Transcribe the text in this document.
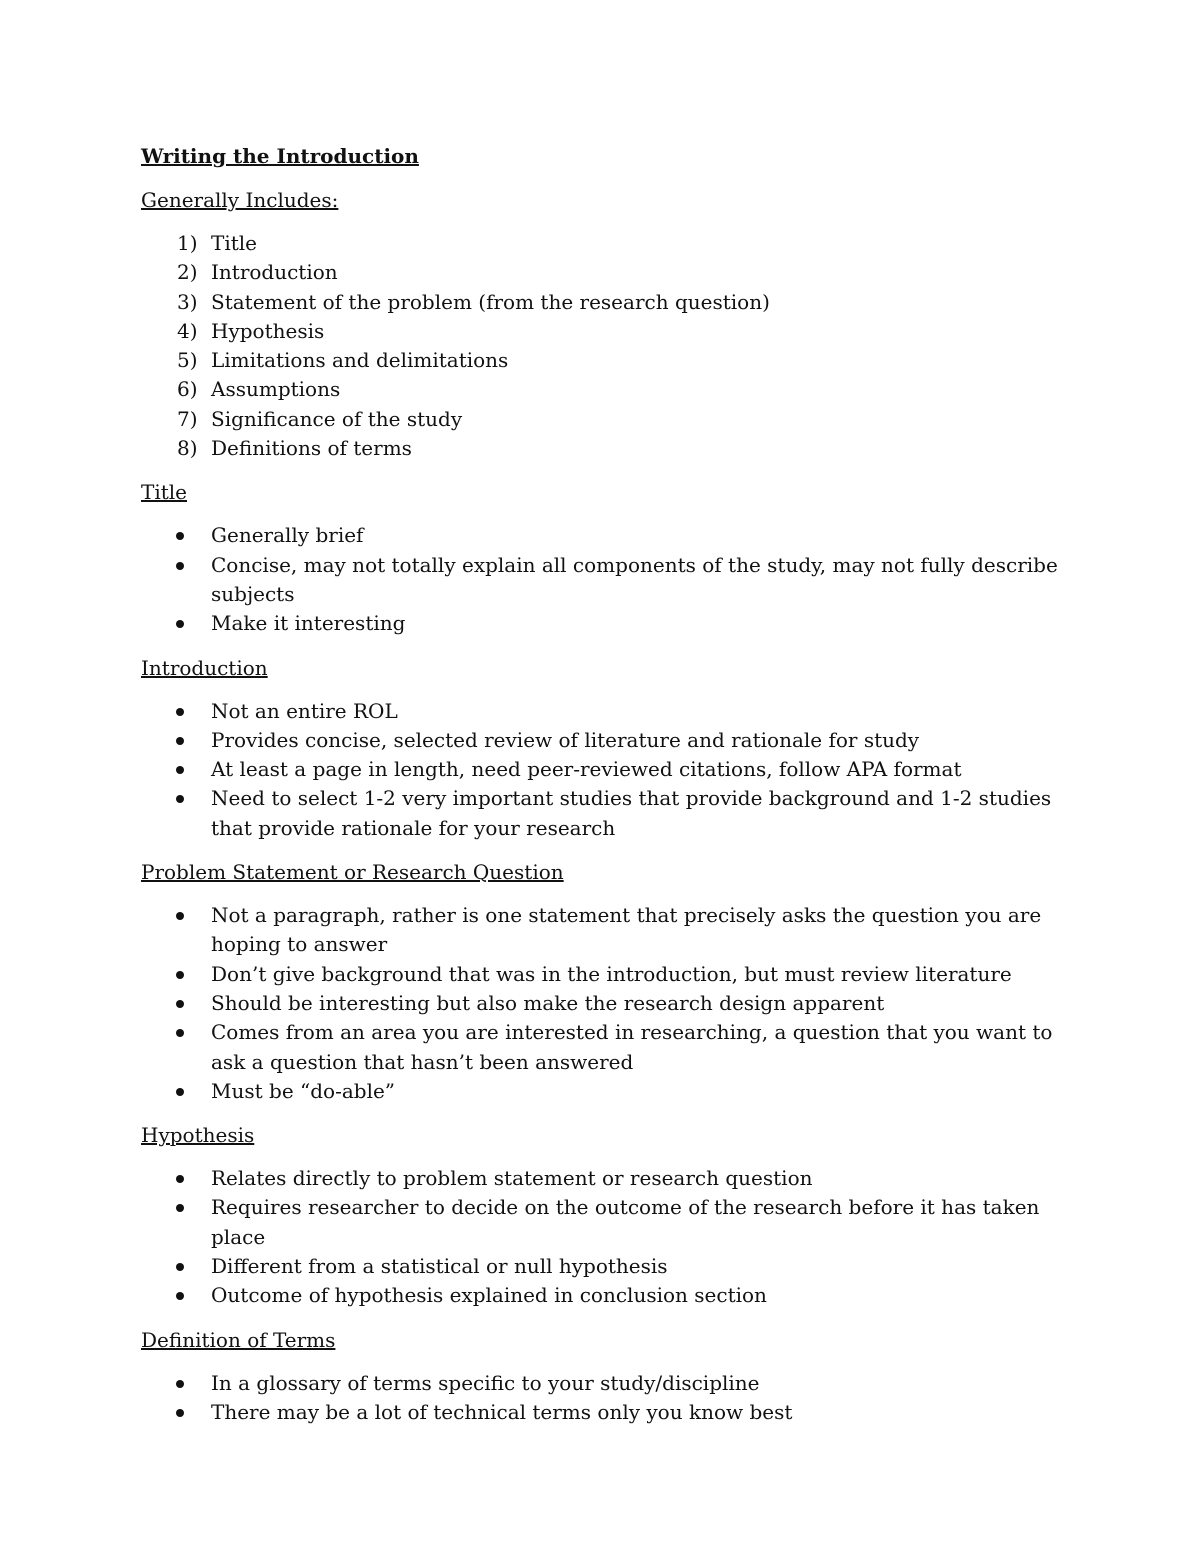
Writing the Introduction
Generally Includes:
1) Title
2) Introduction
3) Statement of the problem (from the research question)
4) Hypothesis
5) Limitations and delimitations
6) Assumptions
7) Significance of the study
8) Definitions of terms
Title
Generally brief
Concise, may not totally explain all components of the study, may not fully describe subjects
Make it interesting
Introduction
Not an entire ROL
Provides concise, selected review of literature and rationale for study
At least a page in length, need peer-reviewed citations, follow APA format
Need to select 1-2 very important studies that provide background and 1-2 studies that provide rationale for your research
Problem Statement or Research Question
Not a paragraph, rather is one statement that precisely asks the question you are hoping to answer
Don’t give background that was in the introduction, but must review literature
Should be interesting but also make the research design apparent
Comes from an area you are interested in researching, a question that you want to ask a question that hasn’t been answered
Must be “do-able”
Hypothesis
Relates directly to problem statement or research question
Requires researcher to decide on the outcome of the research before it has taken place
Different from a statistical or null hypothesis
Outcome of hypothesis explained in conclusion section
Definition of Terms
In a glossary of terms specific to your study/discipline
There may be a lot of technical terms only you know best
